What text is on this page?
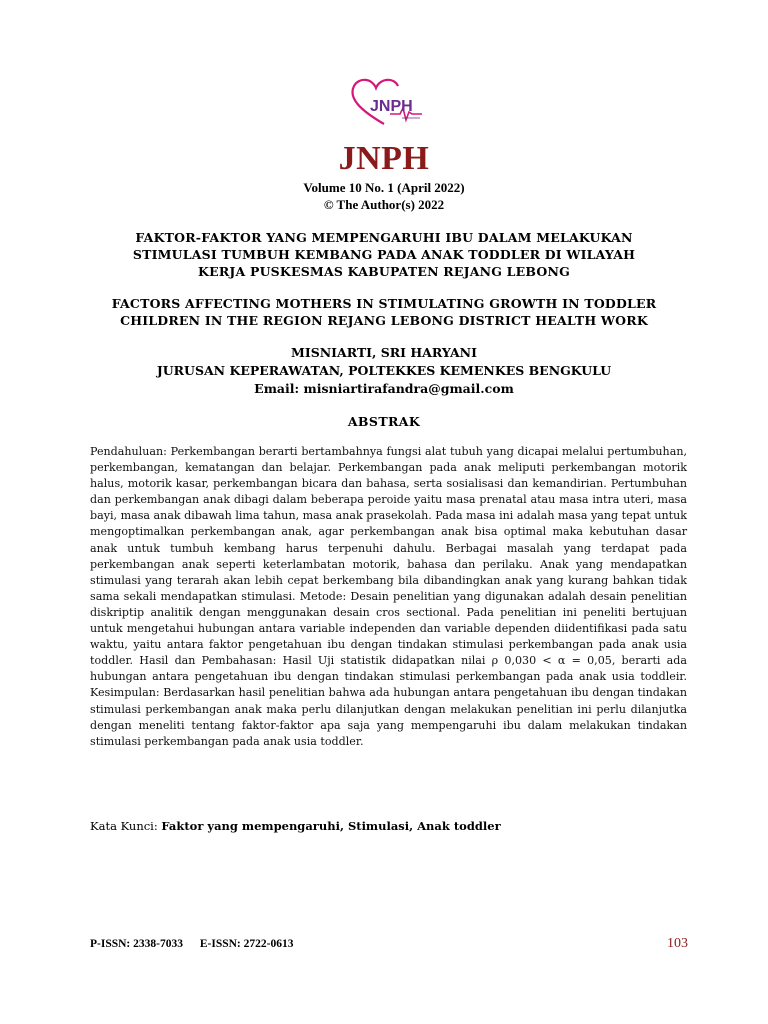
JNPH
JNPH
Volume 10 No. 1 (April 2022)
© The Author(s) 2022
FAKTOR-FAKTOR YANG MEMPENGARUHI IBU DALAM MELAKUKAN
STIMULASI TUMBUH KEMBANG PADA ANAK TODDLER DI WILAYAH
KERJA PUSKESMAS KABUPATEN REJANG LEBONG
FACTORS AFFECTING MOTHERS IN STIMULATING GROWTH IN TODDLER
CHILDREN IN THE REGION REJANG LEBONG DISTRICT HEALTH WORK
MISNIARTI, SRI HARYANI
JURUSAN KEPERAWATAN, POLTEKKES KEMENKES BENGKULU
Email: misniartirafandra@gmail.com
ABSTRAK
Pendahuluan: Perkembangan berarti bertambahnya fungsi alat tubuh yang dicapai melalui pertumbuhan, perkembangan, kematangan dan belajar. Perkembangan pada anak meliputi perkembangan motorik halus, motorik kasar, perkembangan bicara dan bahasa, serta sosialisasi dan kemandirian. Pertumbuhan dan perkembangan anak dibagi dalam beberapa peroide yaitu masa prenatal atau masa intra uteri, masa bayi, masa anak dibawah lima tahun, masa anak prasekolah. Pada masa ini adalah masa yang tepat untuk mengoptimalkan perkembangan anak, agar perkembangan anak bisa optimal maka kebutuhan dasar anak untuk tumbuh kembang harus terpenuhi dahulu. Berbagai masalah yang terdapat pada perkembangan anak seperti keterlambatan motorik, bahasa dan perilaku. Anak yang mendapatkan stimulasi yang terarah akan lebih cepat berkembang bila dibandingkan anak yang kurang bahkan tidak sama sekali mendapatkan stimulasi. Metode: Desain penelitian yang digunakan adalah desain penelitian diskriptip analitik dengan menggunakan desain cros sectional. Pada penelitian ini peneliti bertujuan untuk mengetahui hubungan antara variable independen dan variable dependen diidentifikasi pada satu waktu, yaitu antara faktor pengetahuan ibu dengan tindakan stimulasi perkembangan pada anak usia toddler. Hasil dan Pembahasan: Hasil Uji statistik didapatkan nilai ρ 0,030 < α = 0,05, berarti ada hubungan antara pengetahuan ibu dengan tindakan stimulasi perkembangan pada anak usia toddleir. Kesimpulan: Berdasarkan hasil penelitian bahwa ada hubungan antara pengetahuan ibu dengan tindakan stimulasi perkembangan anak maka perlu dilanjutkan dengan melakukan penelitian ini perlu dilanjutka dengan meneliti tentang faktor-faktor apa saja yang mempengaruhi ibu dalam melakukan tindakan stimulasi perkembangan pada anak usia toddler.
Kata Kunci: Faktor yang mempengaruhi, Stimulasi, Anak toddler
P-ISSN: 2338-7033 E-ISSN: 2722-0613	103
